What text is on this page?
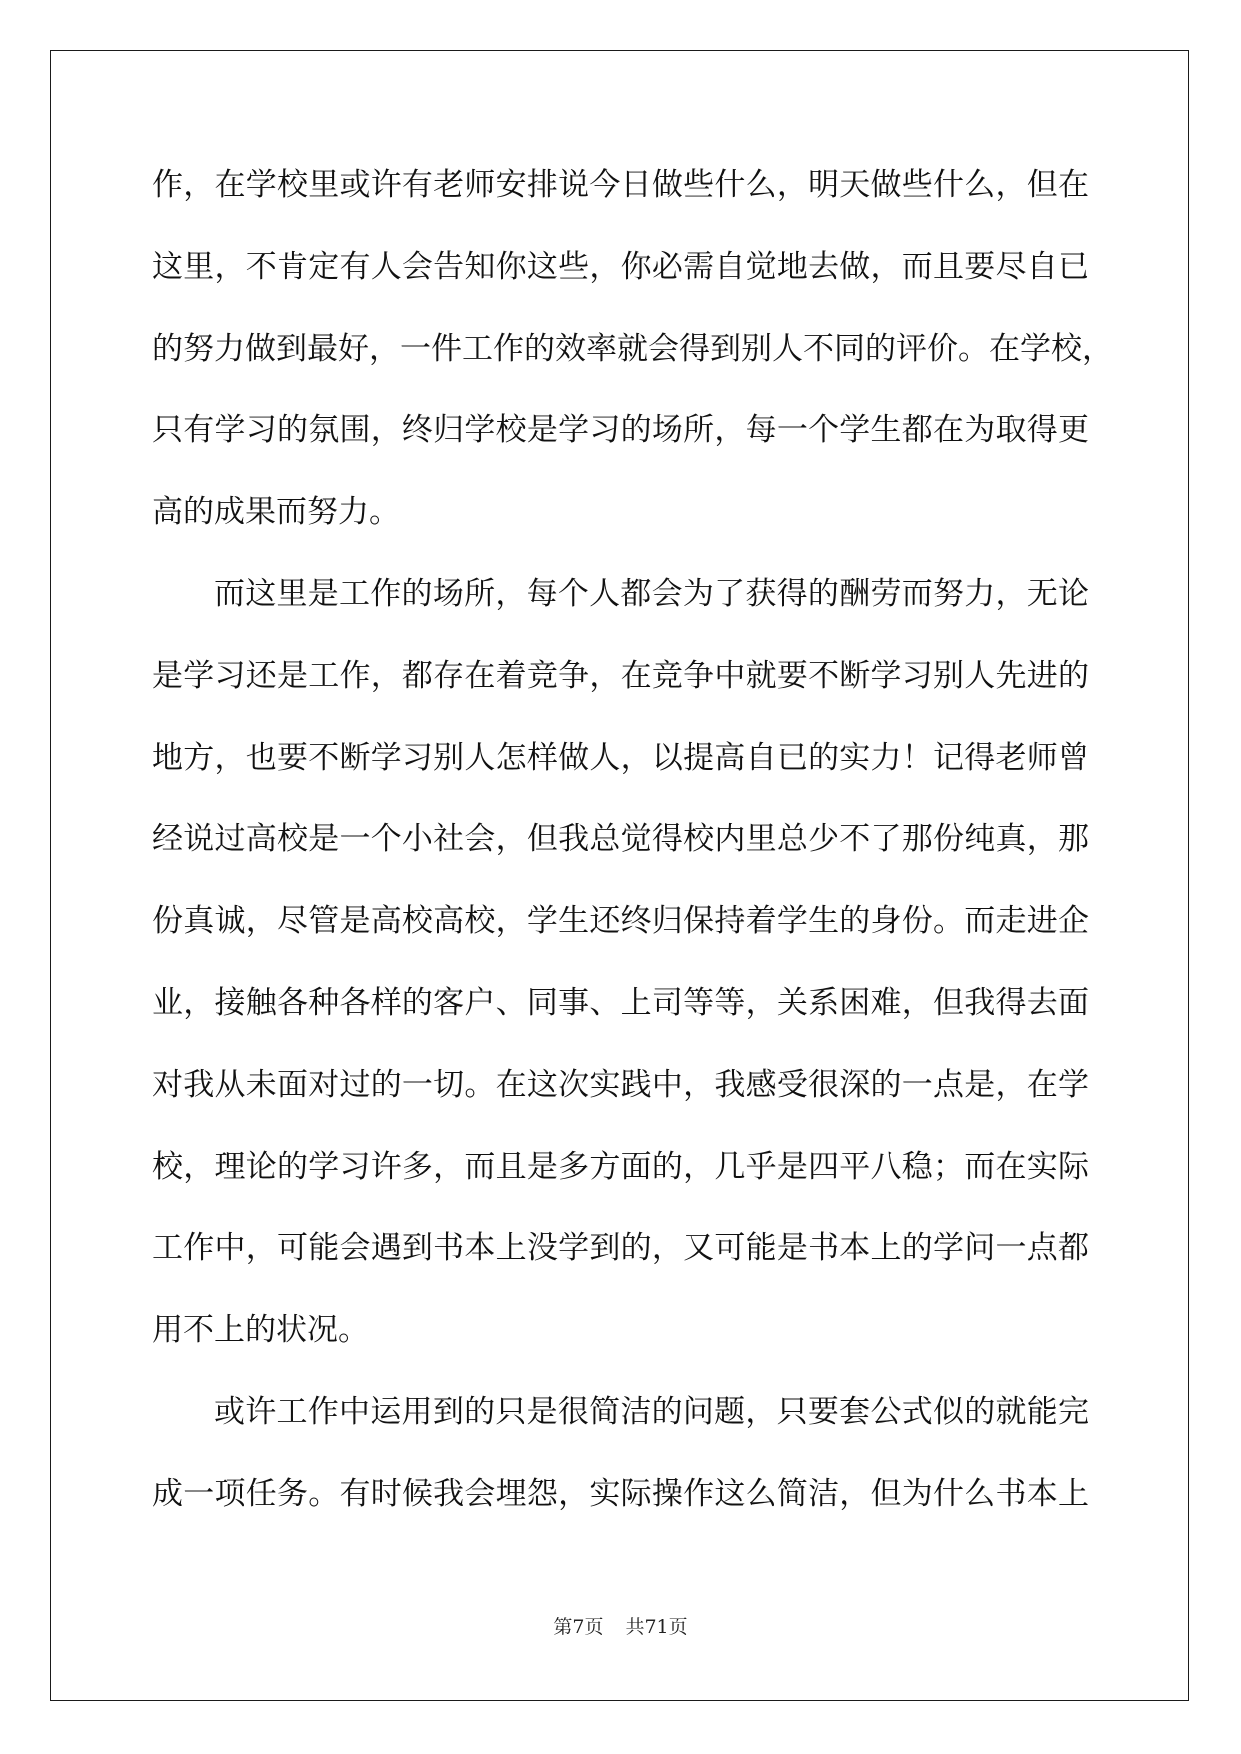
作，在学校里或许有老师安排说今日做些什么，明天做些什么，但在
这里，不肯定有人会告知你这些，你必需自觉地去做，而且要尽自已
的努力做到最好，一件工作的效率就会得到别人不同的评价。在学校，
只有学习的氛围，终归学校是学习的场所，每一个学生都在为取得更
高的成果而努力。
而这里是工作的场所，每个人都会为了获得的酬劳而努力，无论
是学习还是工作，都存在着竞争，在竞争中就要不断学习别人先进的
地方，也要不断学习别人怎样做人，以提高自已的实力！记得老师曾
经说过高校是一个小社会，但我总觉得校内里总少不了那份纯真，那
份真诚，尽管是高校高校，学生还终归保持着学生的身份。而走进企
业，接触各种各样的客户、同事、上司等等，关系困难，但我得去面
对我从未面对过的一切。在这次实践中，我感受很深的一点是，在学
校，理论的学习许多，而且是多方面的，几乎是四平八稳；而在实际
工作中，可能会遇到书本上没学到的，又可能是书本上的学问一点都
用不上的状况。
或许工作中运用到的只是很简洁的问题，只要套公式似的就能完
成一项任务。有时候我会埋怨，实际操作这么简洁，但为什么书本上
第7页 共71页
